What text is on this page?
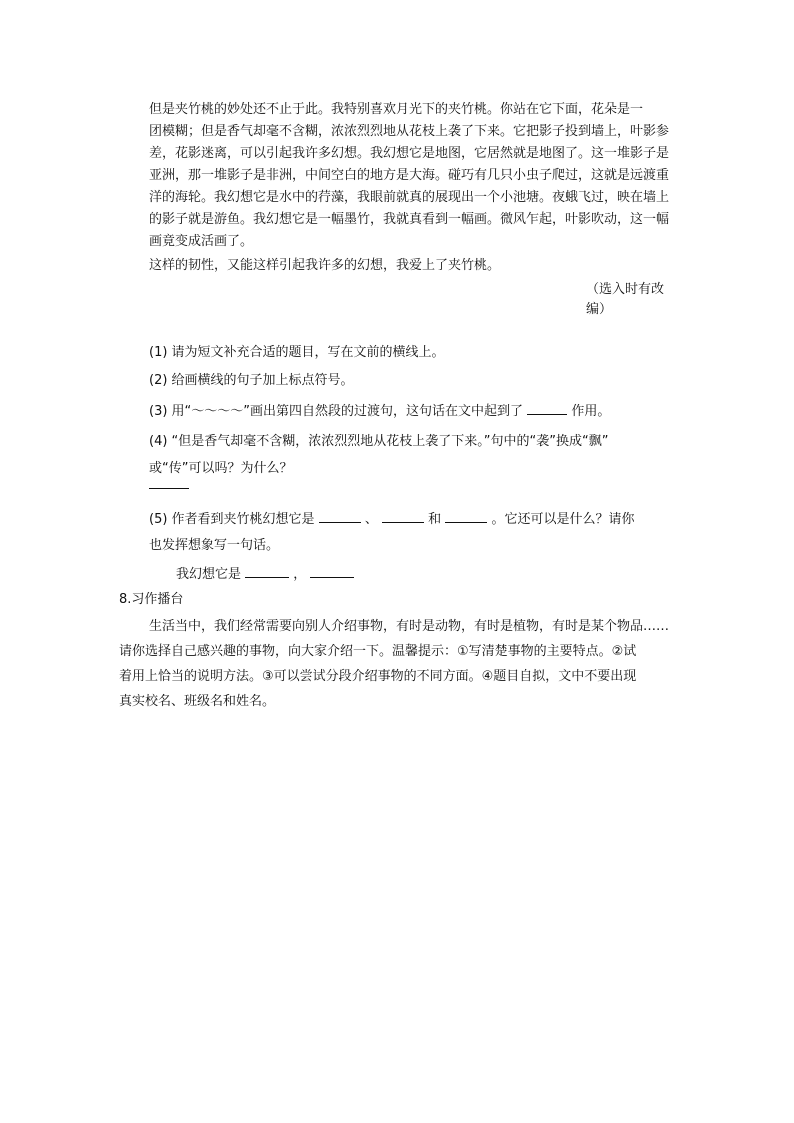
但是夹竹桃的妙处还不止于此。我特别喜欢月光下的夹竹桃。你站在它下面，花朵是一
团模糊；但是香气却毫不含糊，浓浓烈烈地从花枝上袭了下来。它把影子投到墙上，叶影参
差，花影迷离，可以引起我许多幻想。我幻想它是地图，它居然就是地图了。这一堆影子是
亚洲，那一堆影子是非洲，中间空白的地方是大海。碰巧有几只小虫子爬过，这就是远渡重
洋的海轮。我幻想它是水中的荇藻，我眼前就真的展现出一个小池塘。夜蛾飞过，映在墙上
的影子就是游鱼。我幻想它是一幅墨竹，我就真看到一幅画。微风乍起，叶影吹动，这一幅
画竟变成活画了。
这样的韧性，又能这样引起我许多的幻想，我爱上了夹竹桃。
（选入时有改
编）
(1) 请为短文补充合适的题目，写在文前的横线上。
(2) 给画横线的句子加上标点符号。
(3) 用“～～～～”画出第四自然段的过渡句，这句话在文中起到了	作用。
(4) “但是香气却毫不含糊，浓浓烈烈地从花枝上袭了下来。”句中的“袭”换成“飘”
或“传”可以吗？为什么？
(5) 作者看到夹竹桃幻想它是	、	和	。它还可以是什么？请你
也发挥想象写一句话。
我幻想它是	，
8.习作播台
生活当中，我们经常需要向别人介绍事物，有时是动物，有时是植物，有时是某个物品……
请你选择自己感兴趣的事物，向大家介绍一下。温馨提示：①写清楚事物的主要特点。②试
着用上恰当的说明方法。③可以尝试分段介绍事物的不同方面。④题目自拟，文中不要出现
真实校名、班级名和姓名。
